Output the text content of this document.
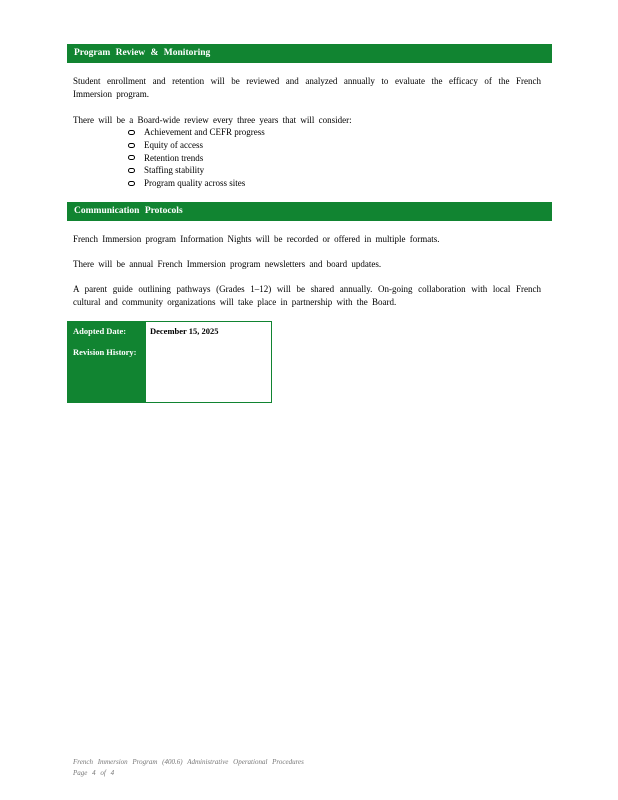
Program Review & Monitoring
Student enrollment and retention will be reviewed and analyzed annually to evaluate the efficacy of the French Immersion program.
There will be a Board-wide review every three years that will consider:
Achievement and CEFR progress
Equity of access
Retention trends
Staffing stability
Program quality across sites
Communication Protocols
French Immersion program Information Nights will be recorded or offered in multiple formats.
There will be annual French Immersion program newsletters and board updates.
A parent guide outlining pathways (Grades 1–12) will be shared annually. On-going collaboration with local French cultural and community organizations will take place in partnership with the Board.
Adopted Date:
Revision History:
December 15, 2025
French Immersion Program (400.6) Administrative Operational Procedures
Page 4 of 4
